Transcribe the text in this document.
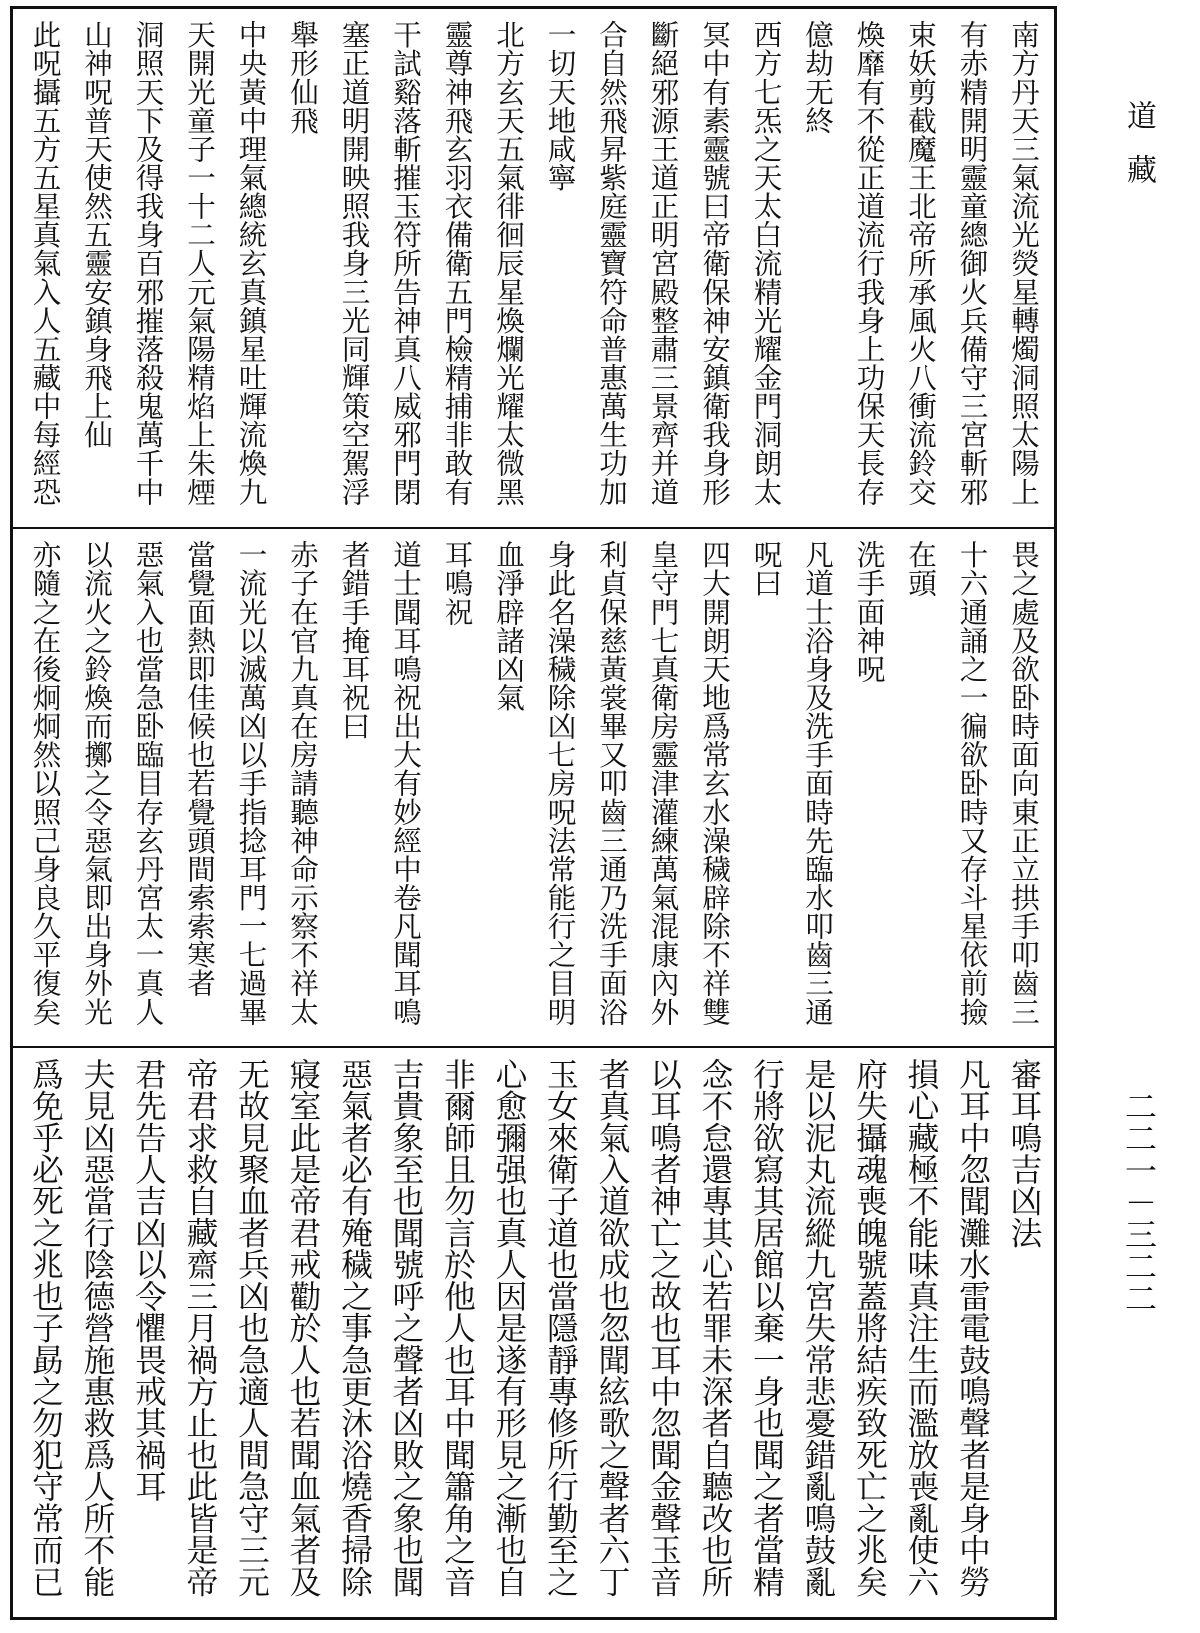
道藏
二二一－三二二
南方丹天三氣流光熒星轉燭洞照太陽上
有赤精開明靈童總御火兵備守三宮斬邪
束妖剪截魔王北帝所承風火八衝流鈴交
煥靡有不從正道流行我身上功保天長存
億劫无終
西方七炁之天太白流精光耀金門洞朗太
冥中有素靈號曰帝衛保神安鎮衛我身形
斷絕邪源王道正明宮殿整肅三景齊并道
合自然飛昇紫庭靈寶符命普惠萬生功加
一切天地咸寧
北方玄天五氣徘徊辰星煥爛光耀太微黑
靈尊神飛玄羽衣備衛五門檢精捕非敢有
干試谿落斬摧玉符所告神真八威邪門閉
塞正道明開映照我身三光同輝策空駕浮
舉形仙飛
中央黃中理氣總統玄真鎮星吐輝流煥九
天開光童子一十二人元氣陽精焰上朱煙
洞照天下及得我身百邪摧落殺鬼萬千中
山神呪普天使然五靈安鎮身飛上仙
此呪攝五方五星真氣入人五藏中每經恐
畏之處及欲卧時面向東正立拱手叩齒三
十六通誦之一徧欲卧時又存斗星依前撿
在頭
洗手面神呪
凡道士浴身及洗手面時先臨水叩齒三通
呪曰
四大開朗天地爲常玄水澡穢辟除不祥雙
皇守門七真衛房靈津灌練萬氣混康內外
利貞保慈黃裳畢又叩齒三通乃洗手面浴
身此名澡穢除凶七房呪法常能行之目明
血淨辟諸凶氣
耳鳴祝
道士聞耳鳴祝出大有妙經中卷凡聞耳鳴
者錯手掩耳祝曰
赤子在官九真在房請聽神命示察不祥太
一流光以滅萬凶以手指捻耳門一七過畢
當覺面熱即佳候也若覺頭間索索寒者
惡氣入也當急卧臨目存玄丹宮太一真人
以流火之鈴煥而擲之令惡氣即出身外光
亦隨之在後炯炯然以照己身良久平復矣
審耳鳴吉凶法
凡耳中忽聞灘水雷電鼓鳴聲者是身中勞
損心藏極不能味真注生而濫放喪亂使六
府失攝魂喪魄號蓋將結疾致死亡之兆矣
是以泥丸流縱九宮失常悲憂錯亂鳴鼓亂
行將欲寫其居館以棄一身也聞之者當精
念不怠還專其心若罪未深者自聽改也所
以耳鳴者神亡之故也耳中忽聞金聲玉音
者真氣入道欲成也忽聞絃歌之聲者六丁
玉女來衛子道也當隱靜專修所行勤至之
心愈彌强也真人因是遂有形見之漸也自
非爾師且勿言於他人也耳中聞簫角之音
吉貴象至也聞號呼之聲者凶敗之象也聞
惡氣者必有殗穢之事急更沐浴燒香掃除
寢室此是帝君戒勸於人也若聞血氣者及
无故見聚血者兵凶也急適人間急守三元
帝君求救自藏齋三月禍方止也此皆是帝
君先告人吉凶以令懼畏戒其禍耳
夫見凶惡當行陰德營施惠救爲人所不能
爲免乎必死之兆也子勗之勿犯守常而已
